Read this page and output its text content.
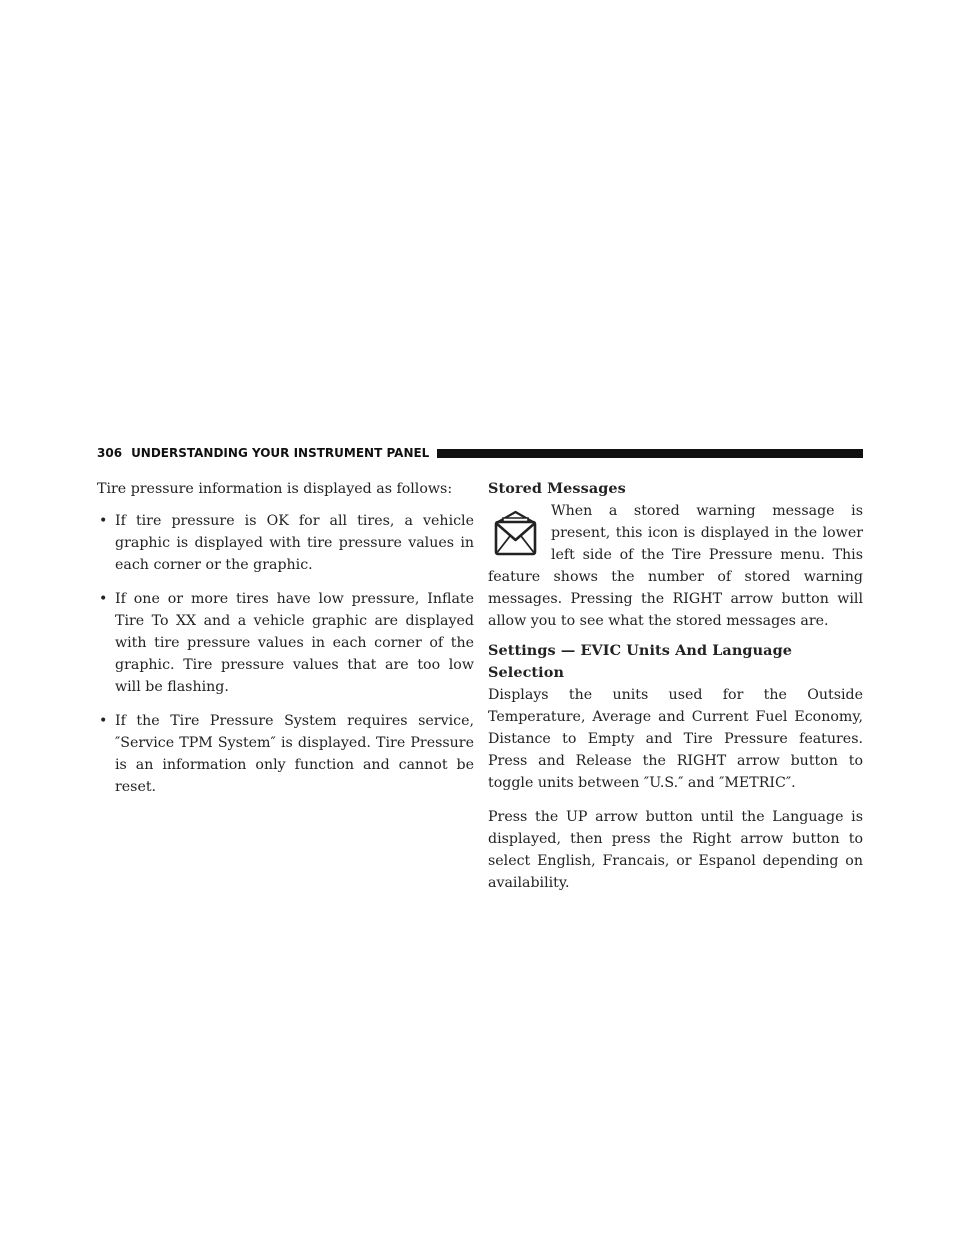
306 UNDERSTANDING YOUR INSTRUMENT PANEL

Tire pressure information is displayed as follows:

• If tire pressure is OK for all tires, a vehicle graphic is displayed with tire pressure values in each corner or the graphic.
• If one or more tires have low pressure, Inflate Tire To XX and a vehicle graphic are displayed with tire pressure values in each corner of the graphic. Tire pressure values that are too low will be flashing.
• If the Tire Pressure System requires service, ″Service TPM System″ is displayed. Tire Pressure is an information only function and cannot be reset.
Stored Messages

When a stored warning message is present, this icon is displayed in the lower left side of the Tire Pressure menu. This feature shows the number of stored warning messages. Pressing the RIGHT arrow button will allow you to see what the stored messages are.

Settings — EVIC Units And Language Selection

Displays the units used for the Outside Temperature, Average and Current Fuel Economy, Distance to Empty and Tire Pressure features. Press and Release the RIGHT arrow button to toggle units between ″U.S.″ and ″METRIC″.

Press the UP arrow button until the Language is displayed, then press the Right arrow button to select English, Francais, or Espanol depending on availability.
